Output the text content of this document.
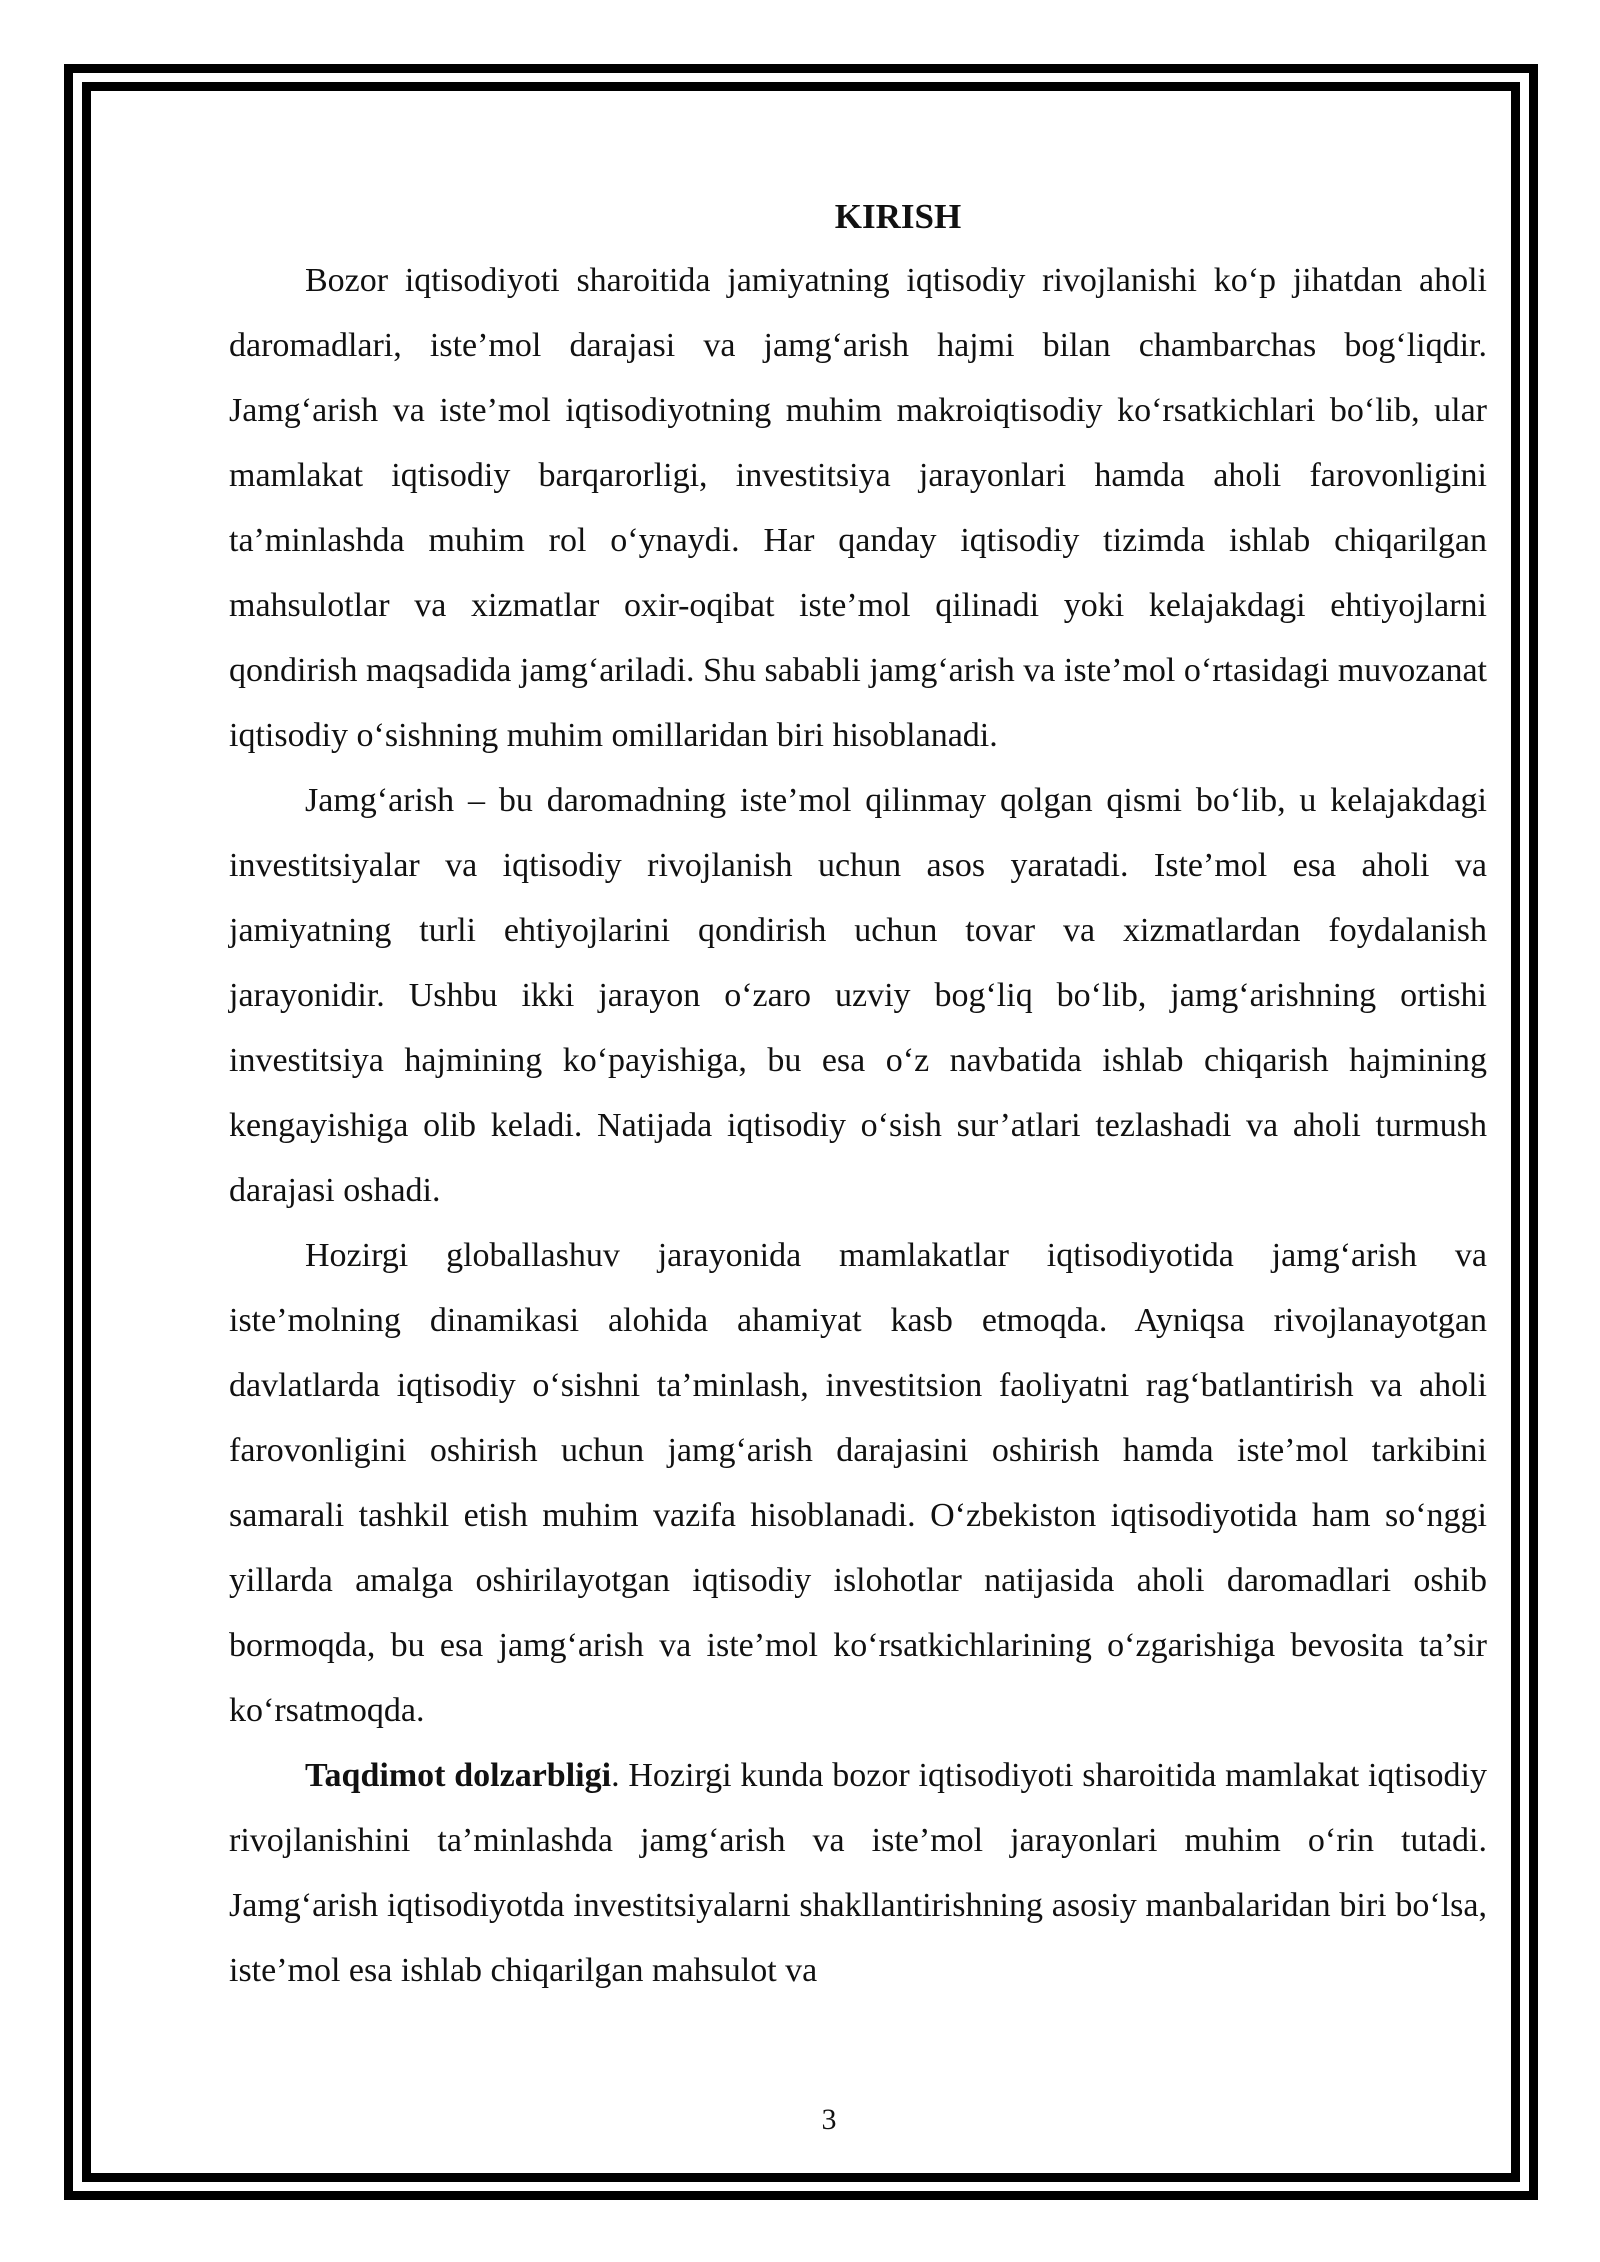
KIRISH

Bozor iqtisodiyoti sharoitida jamiyatning iqtisodiy rivojlanishi ko‘p jihatdan aholi daromadlari, iste’mol darajasi va jamg‘arish hajmi bilan chambarchas bog‘liqdir. Jamg‘arish va iste’mol iqtisodiyotning muhim makroiqtisodiy ko‘rsatkichlari bo‘lib, ular mamlakat iqtisodiy barqarorligi, investitsiya jarayonlari hamda aholi farovonligini ta’minlashda muhim rol o‘ynaydi. Har qanday iqtisodiy tizimda ishlab chiqarilgan mahsulotlar va xizmatlar oxir-oqibat iste’mol qilinadi yoki kelajakdagi ehtiyojlarni qondirish maqsadida jamg‘ariladi. Shu sababli jamg‘arish va iste’mol o‘rtasidagi muvozanat iqtisodiy o‘sishning muhim omillaridan biri hisoblanadi.

Jamg‘arish – bu daromadning iste’mol qilinmay qolgan qismi bo‘lib, u kelajakdagi investitsiyalar va iqtisodiy rivojlanish uchun asos yaratadi. Iste’mol esa aholi va jamiyatning turli ehtiyojlarini qondirish uchun tovar va xizmatlardan foydalanish jarayonidir. Ushbu ikki jarayon o‘zaro uzviy bog‘liq bo‘lib, jamg‘arishning ortishi investitsiya hajmining ko‘payishiga, bu esa o‘z navbatida ishlab chiqarish hajmining kengayishiga olib keladi. Natijada iqtisodiy o‘sish sur’atlari tezlashadi va aholi turmush darajasi oshadi.

Hozirgi globallashuv jarayonida mamlakatlar iqtisodiyotida jamg‘arish va iste’molning dinamikasi alohida ahamiyat kasb etmoqda. Ayniqsa rivojlanayotgan davlatlarda iqtisodiy o‘sishni ta’minlash, investitsion faoliyatni rag‘batlantirish va aholi farovonligini oshirish uchun jamg‘arish darajasini oshirish hamda iste’mol tarkibini samarali tashkil etish muhim vazifa hisoblanadi. O‘zbekiston iqtisodiyotida ham so‘nggi yillarda amalga oshirilayotgan iqtisodiy islohotlar natijasida aholi daromadlari oshib bormoqda, bu esa jamg‘arish va iste’mol ko‘rsatkichlarining o‘zgarishiga bevosita ta’sir ko‘rsatmoqda.

Taqdimot dolzarbligi. Hozirgi kunda bozor iqtisodiyoti sharoitida mamlakat iqtisodiy rivojlanishini ta’minlashda jamg‘arish va iste’mol jarayonlari muhim o‘rin tutadi. Jamg‘arish iqtisodiyotda investitsiyalarni shakllantirishning asosiy manbalaridan biri bo‘lsa, iste’mol esa ishlab chiqarilgan mahsulot va

3
